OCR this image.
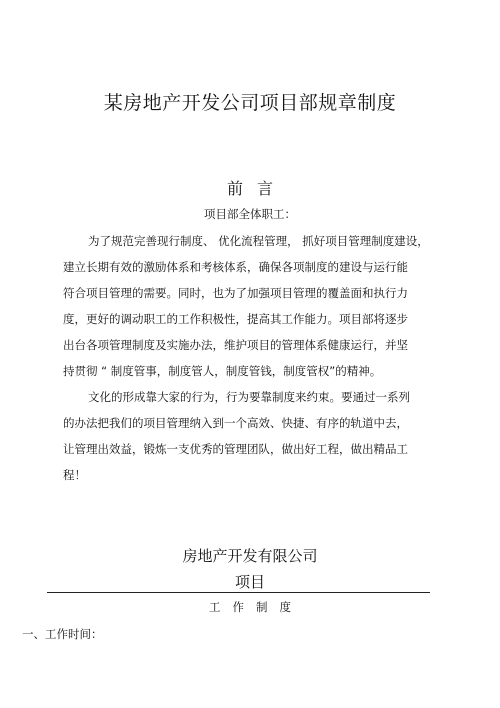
某房地产开发公司项目部规章制度
前言
项目部全体职工：
为了规范完善现行制度、 优化流程管理， 抓好项目管理制度建设，
建立长期有效的激励体系和考核体系，确保各项制度的建设与运行能
符合项目管理的需要。同时，也为了加强项目管理的覆盖面和执行力
度，更好的调动职工的工作积极性，提高其工作能力。项目部将逐步
出台各项管理制度及实施办法，维护项目的管理体系健康运行，并坚
持贯彻 “ 制度管事，制度管人，制度管钱，制度管权”的精神。
文化的形成靠大家的行为，行为要靠制度来约束。要通过一系列
的办法把我们的项目管理纳入到一个高效、快捷、有序的轨道中去，
让管理出效益，锻炼一支优秀的管理团队，做出好工程，做出精品工
程！
房地产开发有限公司
项目
工作制度
一、工作时间：
